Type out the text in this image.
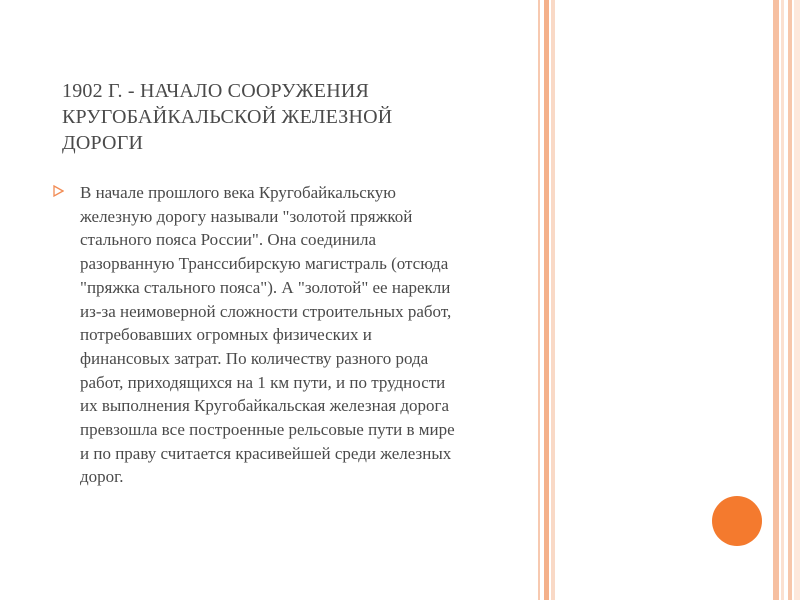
1902 Г. - НАЧАЛО СООРУЖЕНИЯ
КРУГОБАЙКАЛЬСКОЙ ЖЕЛЕЗНОЙ
ДОРОГИ

В начале прошлого века Кругобайкальскую
железную дорогу называли "золотой пряжкой
стального пояса России". Она соединила
разорванную Транссибирскую магистраль (отсюда
"пряжка стального пояса"). А "золотой" ее нарекли
из-за неимоверной сложности строительных работ,
потребовавших огромных физических и
финансовых затрат. По количеству разного рода
работ, приходящихся на 1 км пути, и по трудности
их выполнения Кругобайкальская железная дорога
превзошла все построенные рельсовые пути в мире
и по праву считается красивейшей среди железных
дорог.
